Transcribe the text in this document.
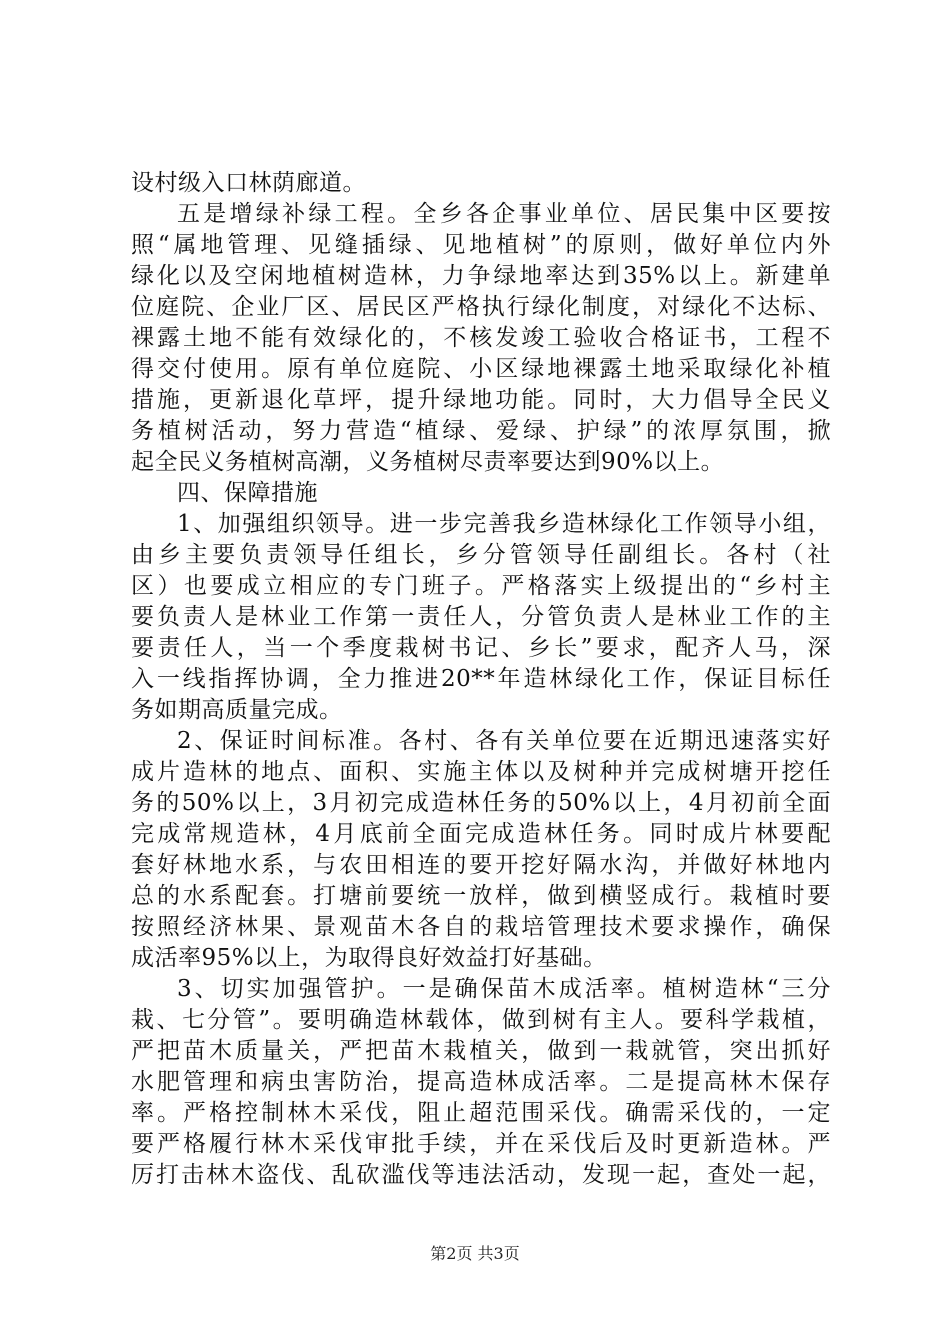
设村级入口林荫廊道。
五是增绿补绿工程。全乡各企事业单位、居民集中区要按
照“属地管理、见缝插绿、见地植树”的原则，做好单位内外
绿化以及空闲地植树造林，力争绿地率达到35%以上。新建单
位庭院、企业厂区、居民区严格执行绿化制度，对绿化不达标、
裸露土地不能有效绿化的，不核发竣工验收合格证书，工程不
得交付使用。原有单位庭院、小区绿地裸露土地采取绿化补植
措施，更新退化草坪，提升绿地功能。同时，大力倡导全民义
务植树活动，努力营造“植绿、爱绿、护绿”的浓厚氛围，掀
起全民义务植树高潮，义务植树尽责率要达到90%以上。
四、保障措施
1、加强组织领导。进一步完善我乡造林绿化工作领导小组，
由乡主要负责领导任组长，乡分管领导任副组长。各村（社
区）也要成立相应的专门班子。严格落实上级提出的“乡村主
要负责人是林业工作第一责任人，分管负责人是林业工作的主
要责任人，当一个季度栽树书记、乡长”要求，配齐人马，深
入一线指挥协调，全力推进20**年造林绿化工作，保证目标任
务如期高质量完成。
2、保证时间标准。各村、各有关单位要在近期迅速落实好
成片造林的地点、面积、实施主体以及树种并完成树塘开挖任
务的50%以上，3月初完成造林任务的50%以上，4月初前全面
完成常规造林，4月底前全面完成造林任务。同时成片林要配
套好林地水系，与农田相连的要开挖好隔水沟，并做好林地内
总的水系配套。打塘前要统一放样，做到横竖成行。栽植时要
按照经济林果、景观苗木各自的栽培管理技术要求操作，确保
成活率95%以上，为取得良好效益打好基础。
3、切实加强管护。一是确保苗木成活率。植树造林“三分
栽、七分管”。要明确造林载体，做到树有主人。要科学栽植，
严把苗木质量关，严把苗木栽植关，做到一栽就管，突出抓好
水肥管理和病虫害防治，提高造林成活率。二是提高林木保存
率。严格控制林木采伐，阻止超范围采伐。确需采伐的，一定
要严格履行林木采伐审批手续，并在采伐后及时更新造林。严
厉打击林木盗伐、乱砍滥伐等违法活动，发现一起，查处一起，
第2页 共3页
